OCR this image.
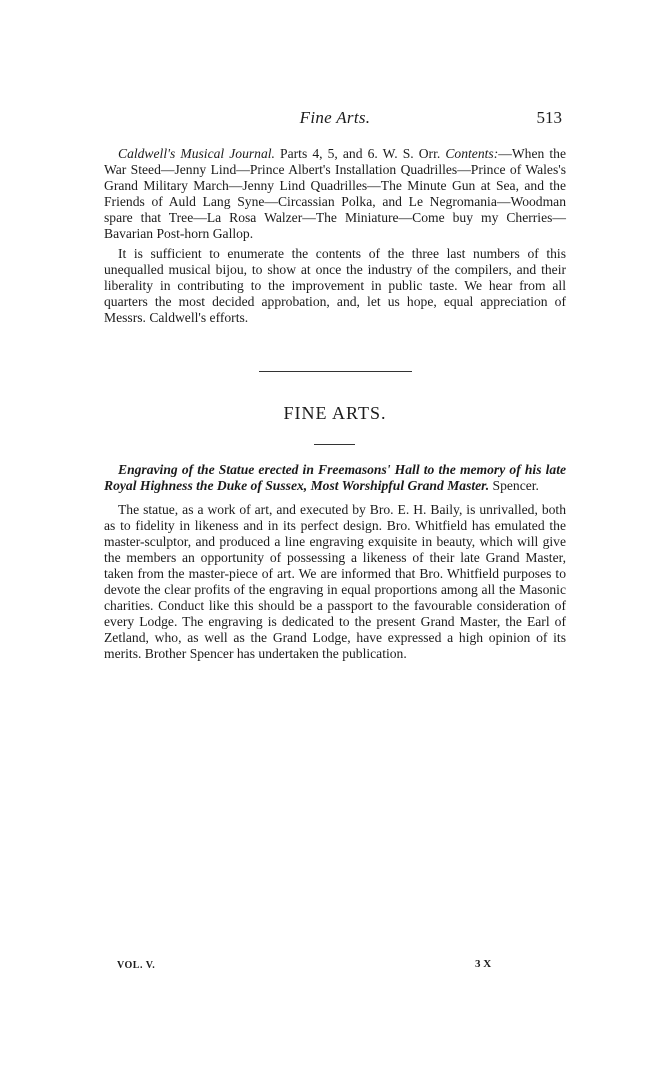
Fine Arts.	513

Caldwell's Musical Journal. Parts 4, 5, and 6. W. S. Orr. Contents:—When the War Steed—Jenny Lind—Prince Albert's Installation Quadrilles—Prince of Wales's Grand Military March—Jenny Lind Quadrilles—The Minute Gun at Sea, and the Friends of Auld Lang Syne—Circassian Polka, and Le Negromania—Woodman spare that Tree—La Rosa Walzer—The Miniature—Come buy my Cherries—Bavarian Post-horn Gallop.

It is sufficient to enumerate the contents of the three last numbers of this unequalled musical bijou, to show at once the industry of the compilers, and their liberality in contributing to the improvement in public taste. We hear from all quarters the most decided approbation, and, let us hope, equal appreciation of Messrs. Caldwell's efforts.

FINE ARTS.

Engraving of the Statue erected in Freemasons' Hall to the memory of his late Royal Highness the Duke of Sussex, Most Worshipful Grand Master. Spencer.

The statue, as a work of art, and executed by Bro. E. H. Baily, is unrivalled, both as to fidelity in likeness and in its perfect design. Bro. Whitfield has emulated the master-sculptor, and produced a line engraving exquisite in beauty, which will give the members an opportunity of possessing a likeness of their late Grand Master, taken from the master-piece of art. We are informed that Bro. Whitfield purposes to devote the clear profits of the engraving in equal proportions among all the Masonic charities. Conduct like this should be a passport to the favourable consideration of every Lodge. The engraving is dedicated to the present Grand Master, the Earl of Zetland, who, as well as the Grand Lodge, have expressed a high opinion of its merits. Brother Spencer has undertaken the publication.

VOL. V.	3 X
